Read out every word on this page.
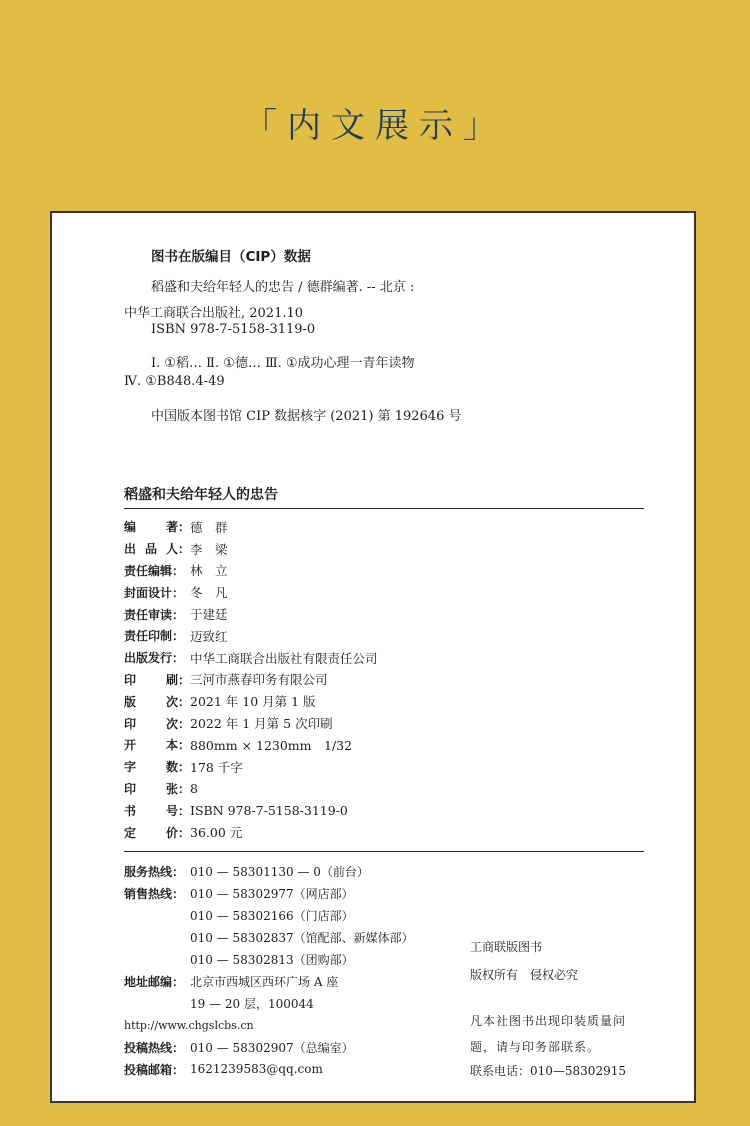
「内文展示」
图书在版编目（CIP）数据
稻盛和夫给年轻人的忠告 / 德群编著. -- 北京 :
中华工商联合出版社, 2021.10
ISBN 978-7-5158-3119-0
Ⅰ. ①稻… Ⅱ. ①德… Ⅲ. ①成功心理一青年读物
Ⅳ. ①B848.4-49
中国版本图书馆 CIP 数据核字 (2021) 第 192646 号
稻盛和夫给年轻人的忠告
编 著： 德　群
出 品 人： 李　梁
责任编辑： 林　立
封面设计： 冬　凡
责任审读： 于建廷
责任印制： 迈致红
出版发行： 中华工商联合出版社有限责任公司
印 刷： 三河市燕春印务有限公司
版 次： 2021 年 10 月第 1 版
印 次： 2022 年 1 月第 5 次印刷
开 本： 880mm × 1230mm　1/32
字 数： 178 千字
印 张： 8
书 号： ISBN 978-7-5158-3119-0
定 价： 36.00 元
服务热线： 010 — 58301130 — 0（前台）
销售热线： 010 — 58302977（网店部）
010 — 58302166（门店部）
010 — 58302837（馆配部、新媒体部）
010 — 58302813（团购部）
地址邮编： 北京市西城区西环广场 A 座
19 — 20 层，100044
http://www.chgslcbs.cn
投稿热线： 010 — 58302907（总编室）
投稿邮箱： 1621239583@qq.com
工商联版图书
版权所有　侵权必究
凡本社图书出现印装质量问
题，请与印务部联系。
联系电话：010—58302915
